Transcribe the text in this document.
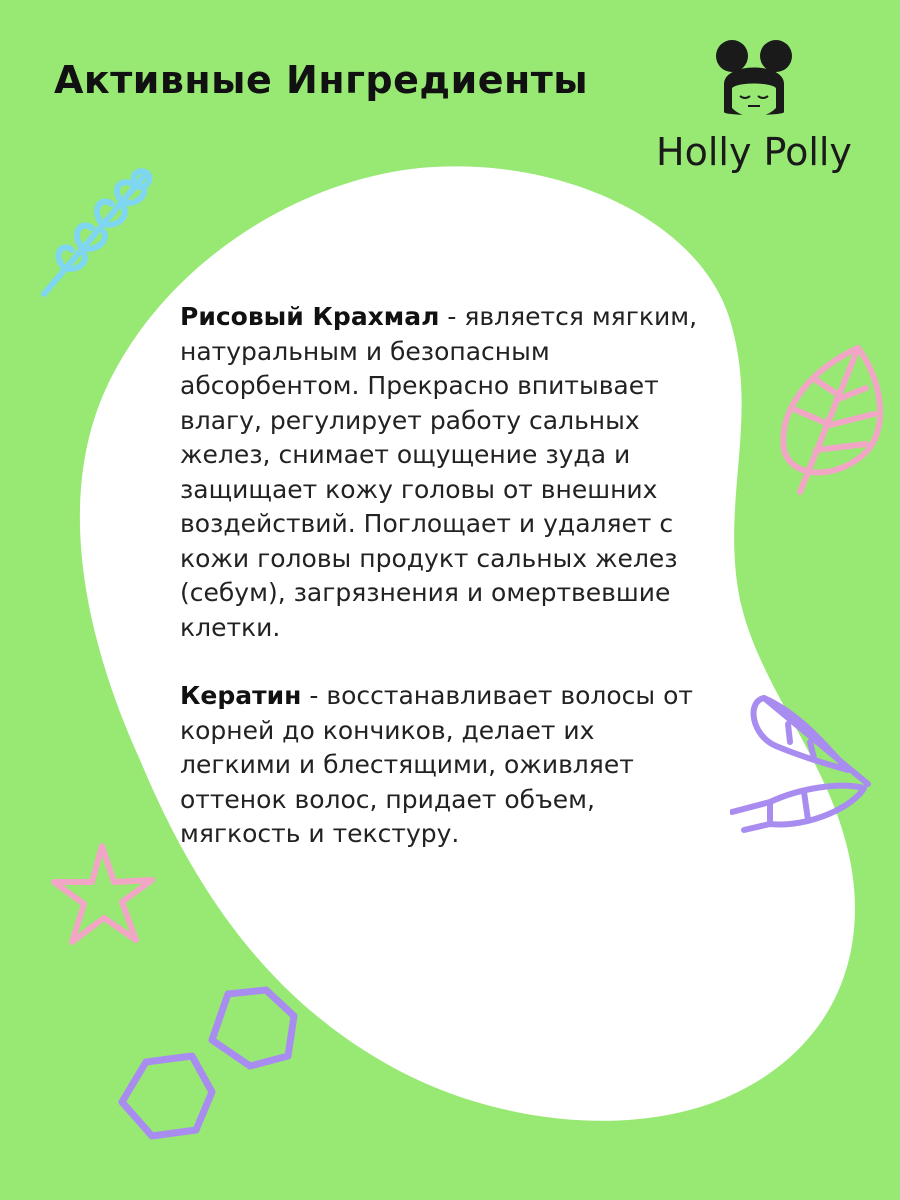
Активные Ингредиенты
Holly Polly

Рисовый Крахмал - является мягким, натуральным и безопасным абсорбентом. Прекрасно впитывает влагу, регулирует работу сальных желез, снимает ощущение зуда и защищает кожу головы от внешних воздействий. Поглощает и удаляет с кожи головы продукт сальных желез (себум), загрязнения и омертвевшие клетки.

Кератин - восстанавливает волосы от корней до кончиков, делает их легкими и блестящими, оживляет оттенок волос, придает объем, мягкость и текстуру.
